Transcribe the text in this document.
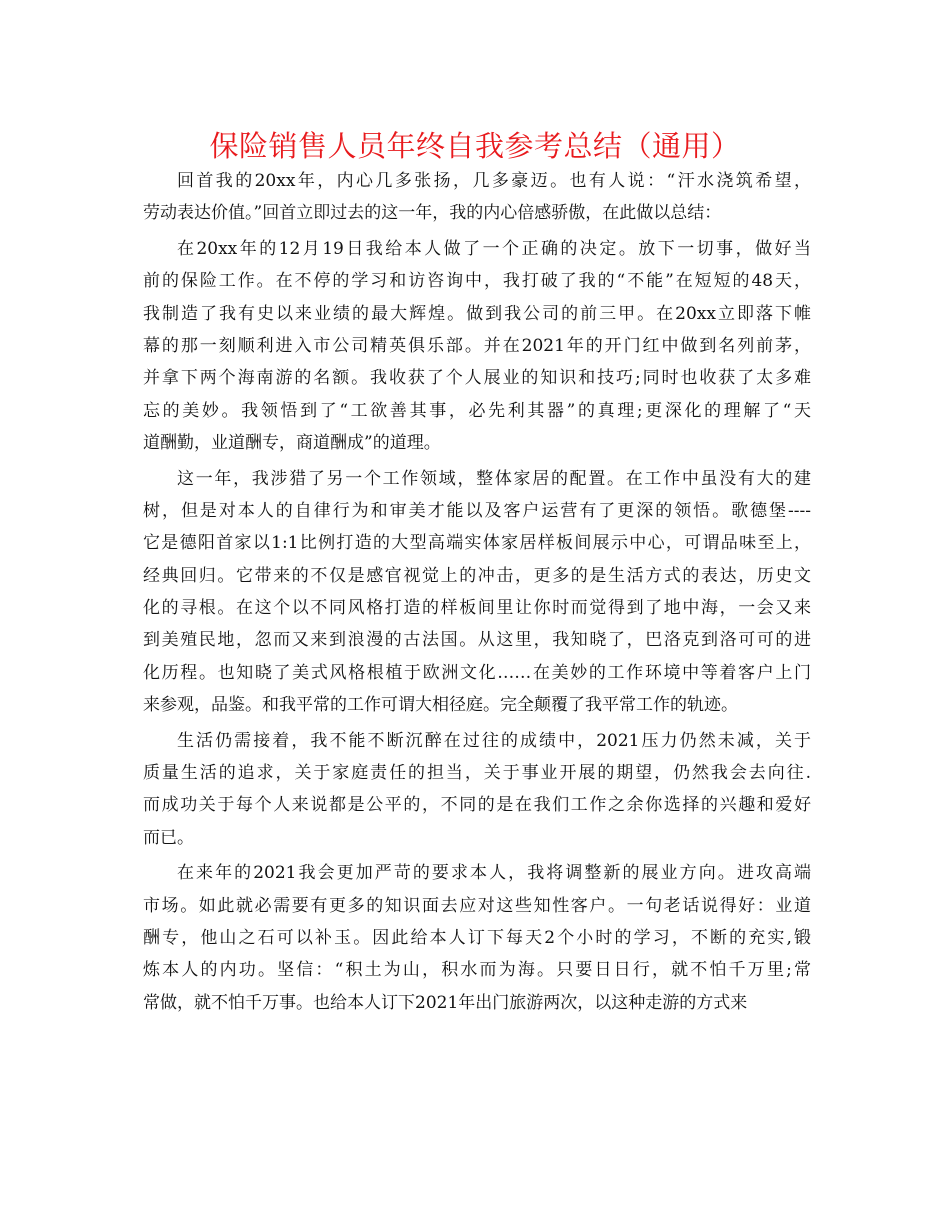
保险销售人员年终自我参考总结（通用）
回首我的20xx年，内心几多张扬，几多豪迈。也有人说：“汗水浇筑希望，
劳动表达价值。”回首立即过去的这一年，我的内心倍感骄傲，在此做以总结：
在20xx年的12月19日我给本人做了一个正确的决定。放下一切事，做好当
前的保险工作。在不停的学习和访咨询中，我打破了我的“不能”在短短的48天，
我制造了我有史以来业绩的最大辉煌。做到我公司的前三甲。在20xx立即落下帷
幕的那一刻顺利进入市公司精英俱乐部。并在2021年的开门红中做到名列前茅，
并拿下两个海南游的名额。我收获了个人展业的知识和技巧;同时也收获了太多难
忘的美妙。我领悟到了“工欲善其事，必先利其器”的真理;更深化的理解了“天
道酬勤，业道酬专，商道酬成”的道理。
这一年，我涉猎了另一个工作领域，整体家居的配置。在工作中虽没有大的建
树，但是对本人的自律行为和审美才能以及客户运营有了更深的领悟。歌德堡----
它是德阳首家以1:1比例打造的大型高端实体家居样板间展示中心，可谓品味至上，
经典回归。它带来的不仅是感官视觉上的冲击，更多的是生活方式的表达，历史文
化的寻根。在这个以不同风格打造的样板间里让你时而觉得到了地中海，一会又来
到美殖民地，忽而又来到浪漫的古法国。从这里，我知晓了，巴洛克到洛可可的进
化历程。也知晓了美式风格根植于欧洲文化……在美妙的工作环境中等着客户上门
来参观，品鉴。和我平常的工作可谓大相径庭。完全颠覆了我平常工作的轨迹。
生活仍需接着，我不能不断沉醉在过往的成绩中，2021压力仍然未减，关于
质量生活的追求，关于家庭责任的担当，关于事业开展的期望，仍然我会去向往.
而成功关于每个人来说都是公平的，不同的是在我们工作之余你选择的兴趣和爱好
而已。
在来年的2021我会更加严苛的要求本人，我将调整新的展业方向。进攻高端
市场。如此就必需要有更多的知识面去应对这些知性客户。一句老话说得好：业道
酬专，他山之石可以补玉。因此给本人订下每天2个小时的学习，不断的充实,锻
炼本人的内功。坚信：“积土为山，积水而为海。只要日日行，就不怕千万里;常
常做，就不怕千万事。也给本人订下2021年出门旅游两次，以这种走游的方式来
